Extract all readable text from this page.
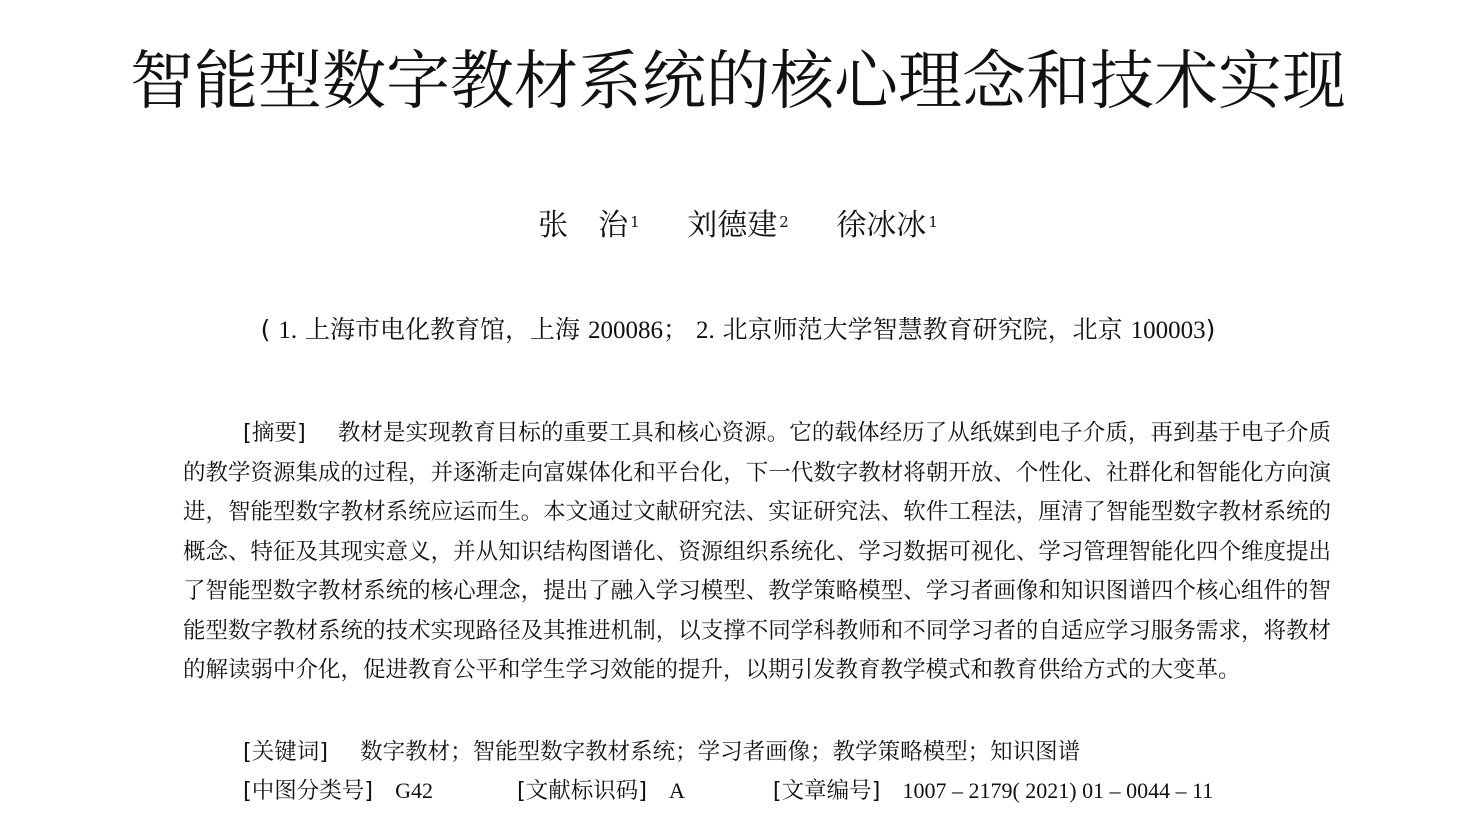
智能型数字教材系统的核心理念和技术实现
张　治 $^1$ 刘德建 $^2$ 徐冰冰 $^1$
( 1. 上海市电化教育馆，上海 200086； 2. 北京师范大学智慧教育研究院，北京 100003)

[摘要] 教材是实现教育目标的重要工具和核心资源。它的载体经历了从纸媒到电子介质，再到基于电子介质的教学资源集成的过程，并逐渐走向富媒体化和平台化，下一代数字教材将朝开放、个性化、社群化和智能化方向演进，智能型数字教材系统应运而生。本文通过文献研究法、实证研究法、软件工程法，厘清了智能型数字教材系统的概念、特征及其现实意义，并从知识结构图谱化、资源组织系统化、学习数据可视化、学习管理智能化四个维度提出了智能型数字教材系统的核心理念，提出了融入学习模型、教学策略模型、学习者画像和知识图谱四个核心组件的智能型数字教材系统的技术实现路径及其推进机制，以支撑不同学科教师和不同学习者的自适应学习服务需求，将教材的解读弱中介化，促进教育公平和学生学习效能的提升，以期引发教育教学模式和教育供给方式的大变革。

[关键词] 数字教材；智能型数字教材系统；学习者画像；教学策略模型；知识图谱
[中图分类号] G42	[文献标识码] A	[文章编号] 1007 – 2179( 2021) 01 – 0044 – 11
